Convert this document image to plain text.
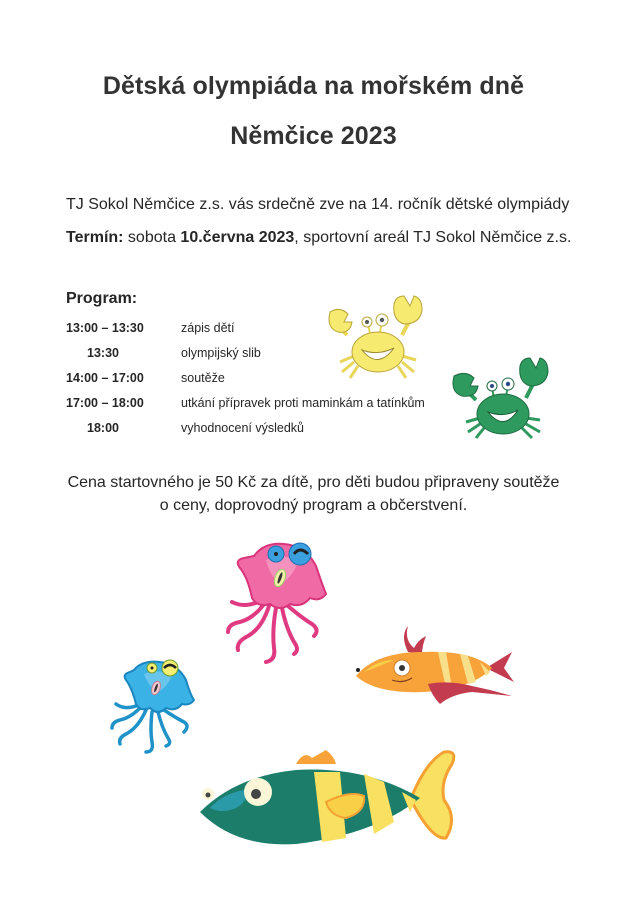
Dětská olympiáda na mořském dně
Němčice 2023
TJ Sokol Němčice z.s. vás srdečně zve na 14. ročník dětské olympiády
Termín: sobota 10.června 2023, sportovní areál TJ Sokol Němčice z.s.
Program:
13:00 – 13:30	zápis dětí
13:30	olympijský slib
14:00 – 17:00	soutěže
17:00 – 18:00	utkání přípravek proti maminkám a tatínkům
18:00	vyhodnocení výsledků
Cena startovného je 50 Kč za dítě, pro děti budou připraveny soutěže
o ceny, doprovodný program a občerstvení.
